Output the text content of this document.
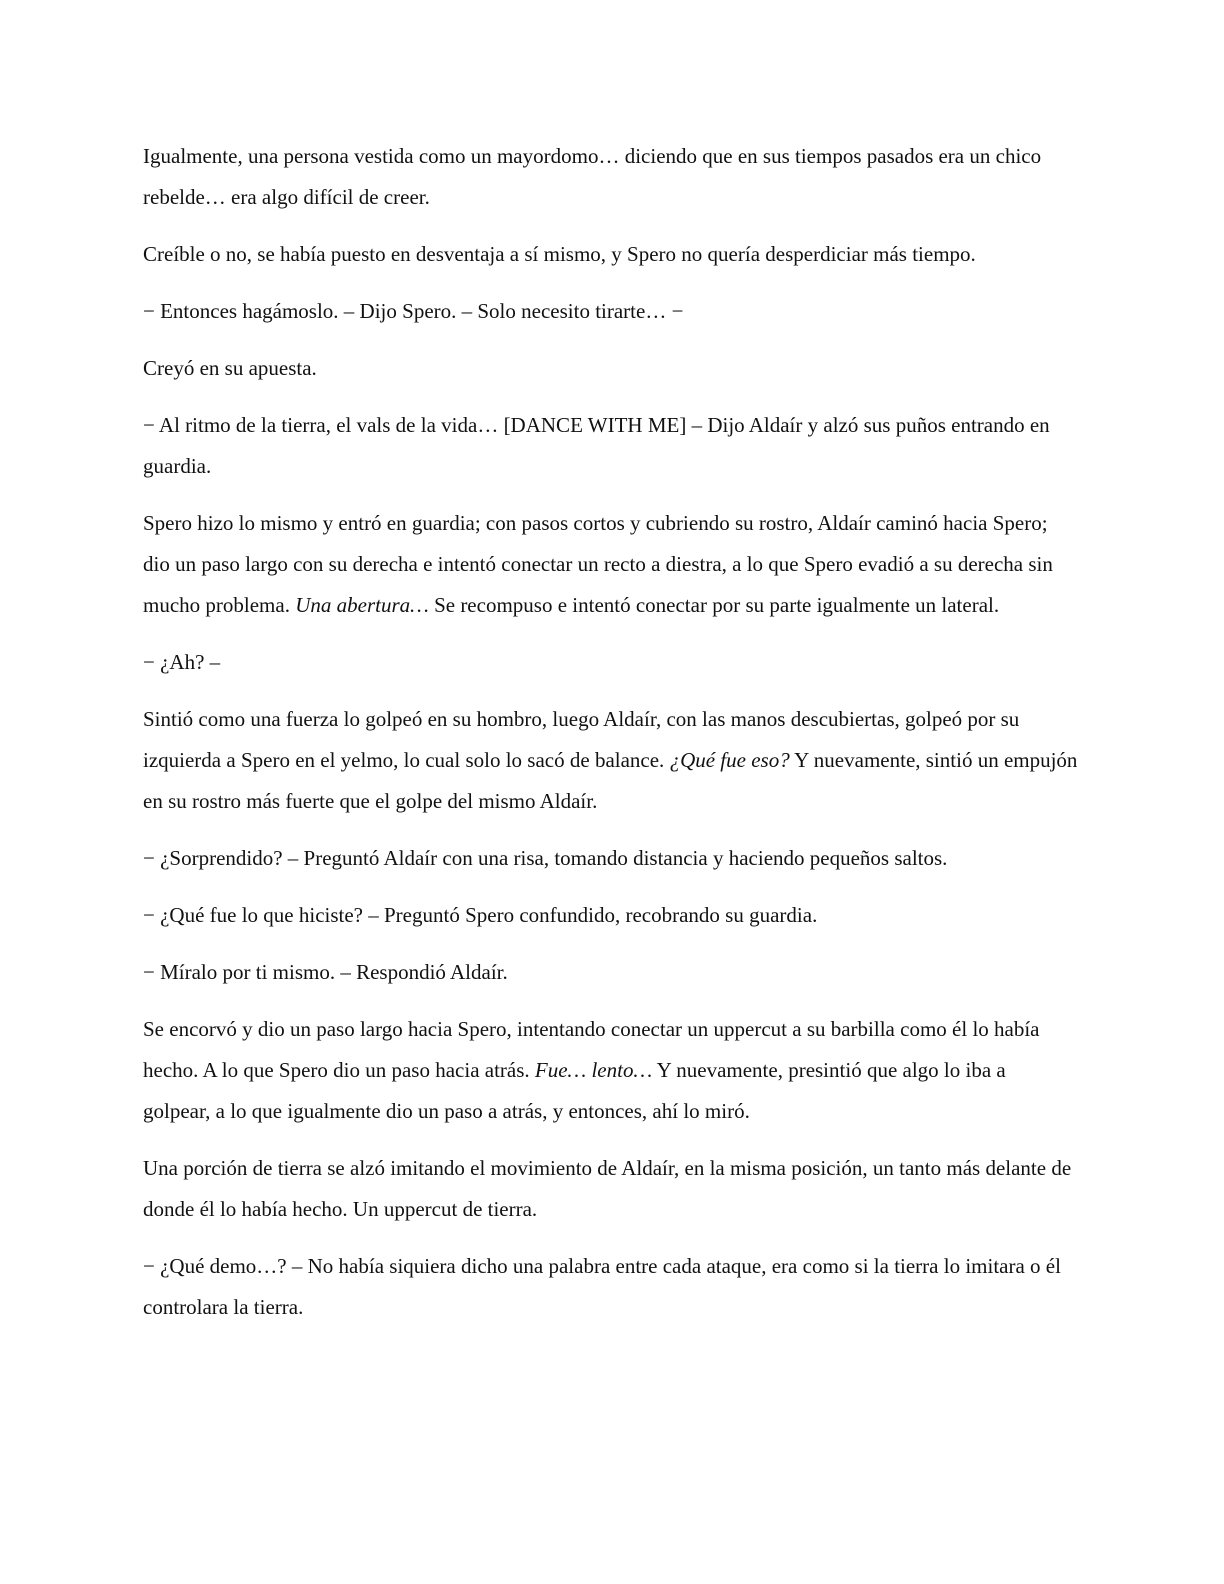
Igualmente, una persona vestida como un mayordomo… diciendo que en sus tiempos pasados era un chico rebelde… era algo difícil de creer.

Creíble o no, se había puesto en desventaja a sí mismo, y Spero no quería desperdiciar más tiempo.

− Entonces hagámoslo. – Dijo Spero. – Solo necesito tirarte… −

Creyó en su apuesta.

− Al ritmo de la tierra, el vals de la vida… [DANCE WITH ME] – Dijo Aldaír y alzó sus puños entrando en guardia.

Spero hizo lo mismo y entró en guardia; con pasos cortos y cubriendo su rostro, Aldaír caminó hacia Spero; dio un paso largo con su derecha e intentó conectar un recto a diestra, a lo que Spero evadió a su derecha sin mucho problema. Una abertura… Se recompuso e intentó conectar por su parte igualmente un lateral.

− ¿Ah? –

Sintió como una fuerza lo golpeó en su hombro, luego Aldaír, con las manos descubiertas, golpeó por su izquierda a Spero en el yelmo, lo cual solo lo sacó de balance. ¿Qué fue eso? Y nuevamente, sintió un empujón en su rostro más fuerte que el golpe del mismo Aldaír.

− ¿Sorprendido? – Preguntó Aldaír con una risa, tomando distancia y haciendo pequeños saltos.

− ¿Qué fue lo que hiciste? – Preguntó Spero confundido, recobrando su guardia.

− Míralo por ti mismo. – Respondió Aldaír.

Se encorvó y dio un paso largo hacia Spero, intentando conectar un uppercut a su barbilla como él lo había hecho. A lo que Spero dio un paso hacia atrás. Fue… lento… Y nuevamente, presintió que algo lo iba a golpear, a lo que igualmente dio un paso a atrás, y entonces, ahí lo miró.

Una porción de tierra se alzó imitando el movimiento de Aldaír, en la misma posición, un tanto más delante de donde él lo había hecho. Un uppercut de tierra.

− ¿Qué demo…? – No había siquiera dicho una palabra entre cada ataque, era como si la tierra lo imitara o él controlara la tierra.
